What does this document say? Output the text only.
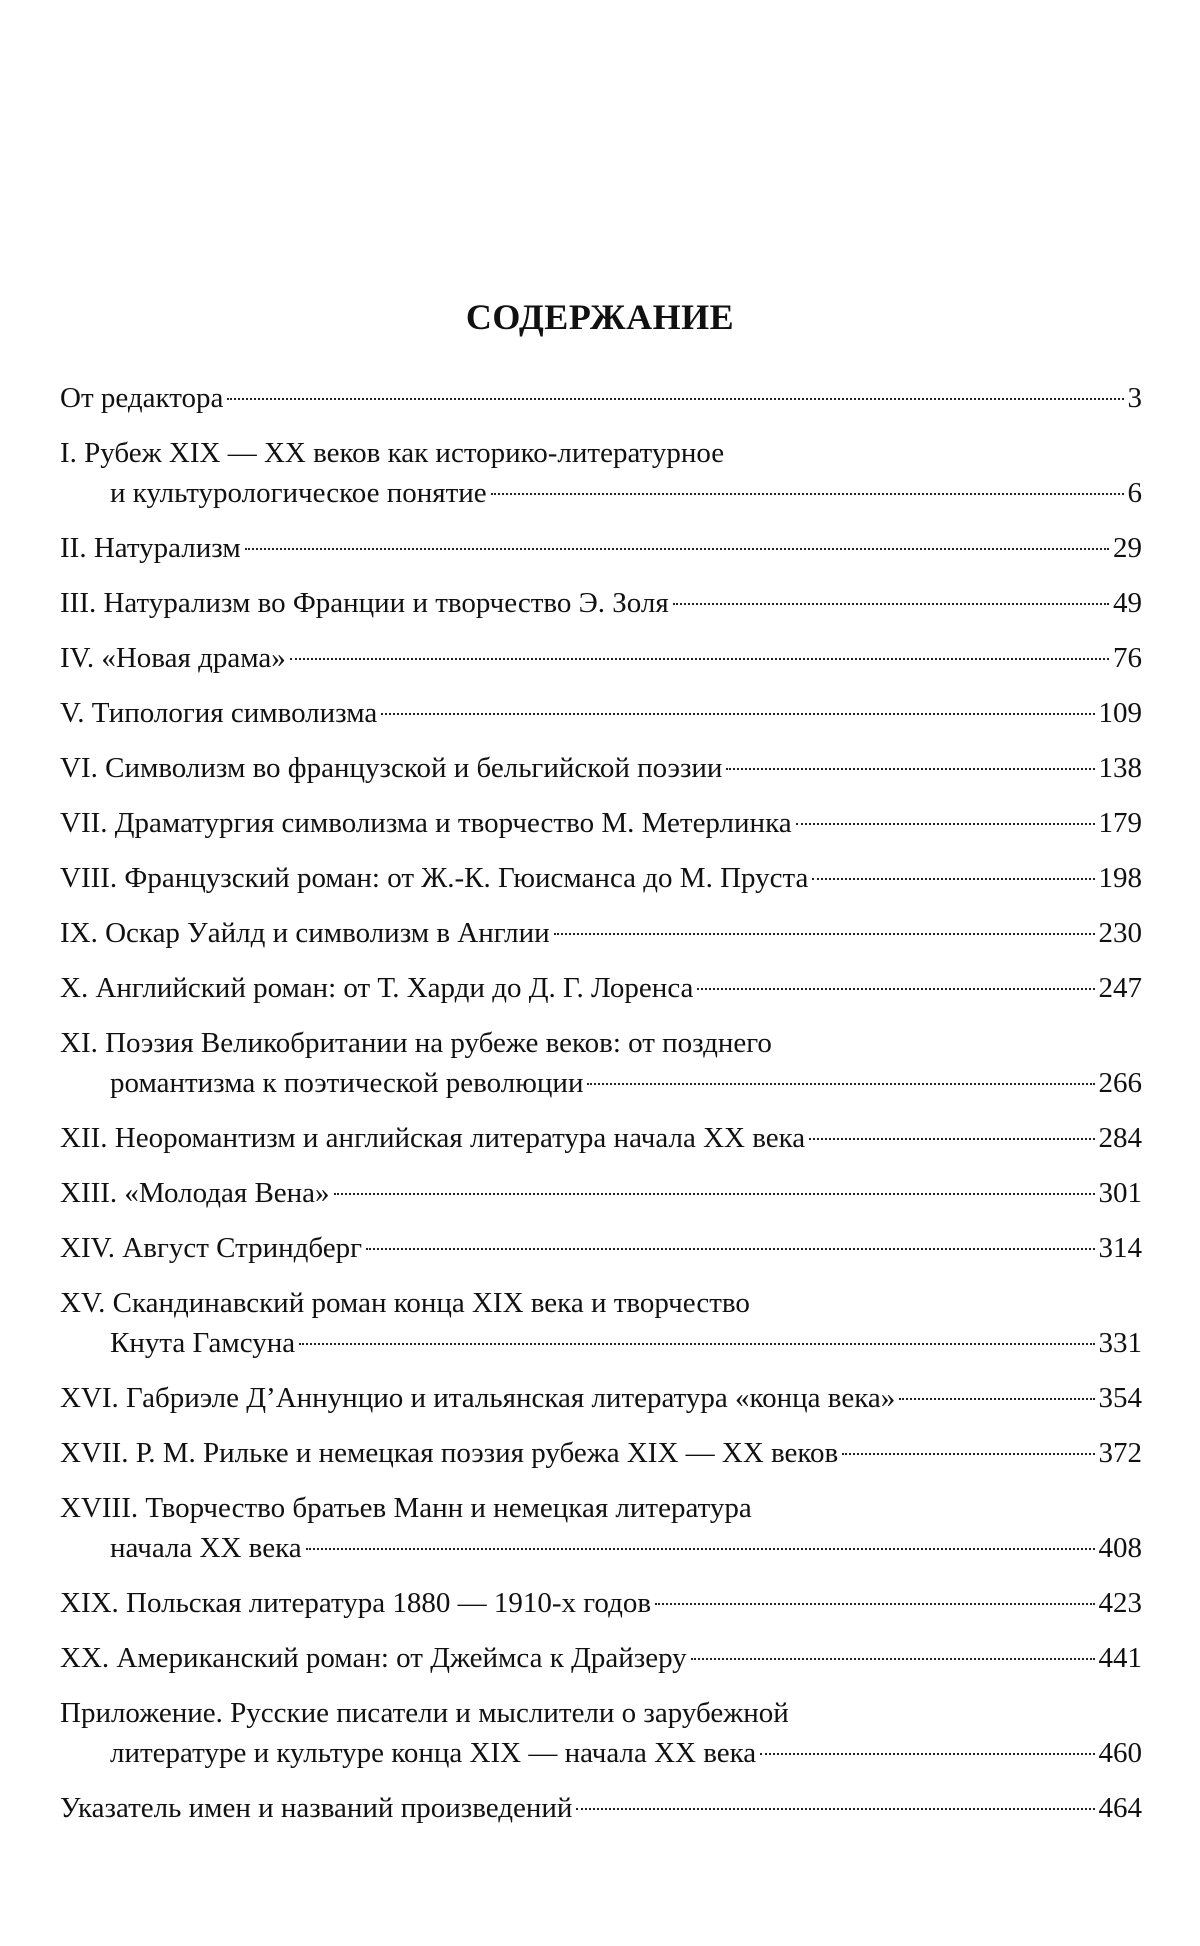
СОДЕРЖАНИЕ
От редактора	3
I. Рубеж XIX — XX веков как историко-литературное
и культурологическое понятие	6
II. Натурализм	29
III. Натурализм во Франции и творчество Э. Золя	49
IV. «Новая драма»	76
V. Типология символизма	109
VI. Символизм во французской и бельгийской поэзии	138
VII. Драматургия символизма и творчество М. Метерлинка	179
VIII. Французский роман: от Ж.-К. Гюисманса до М. Пруста	198
IX. Оскар Уайлд и символизм в Англии	230
X. Английский роман: от Т. Харди до Д. Г. Лоренса	247
XI. Поэзия Великобритании на рубеже веков: от позднего
романтизма к поэтической революции	266
XII. Неоромантизм и английская литература начала XX века	284
XIII. «Молодая Вена»	301
XIV. Август Стриндберг	314
XV. Скандинавский роман конца XIX века и творчество
Кнута Гамсуна	331
XVI. Габриэле Д’Аннунцио и итальянская литература «конца века»	354
XVII. Р. М. Рильке и немецкая поэзия рубежа XIX — XX веков	372
XVIII. Творчество братьев Манн и немецкая литература
начала XX века	408
XIX. Польская литература 1880 — 1910-х годов	423
XX. Американский роман: от Джеймса к Драйзеру	441
Приложение. Русские писатели и мыслители о зарубежной
литературе и культуре конца XIX — начала XX века	460
Указатель имен и названий произведений	464
